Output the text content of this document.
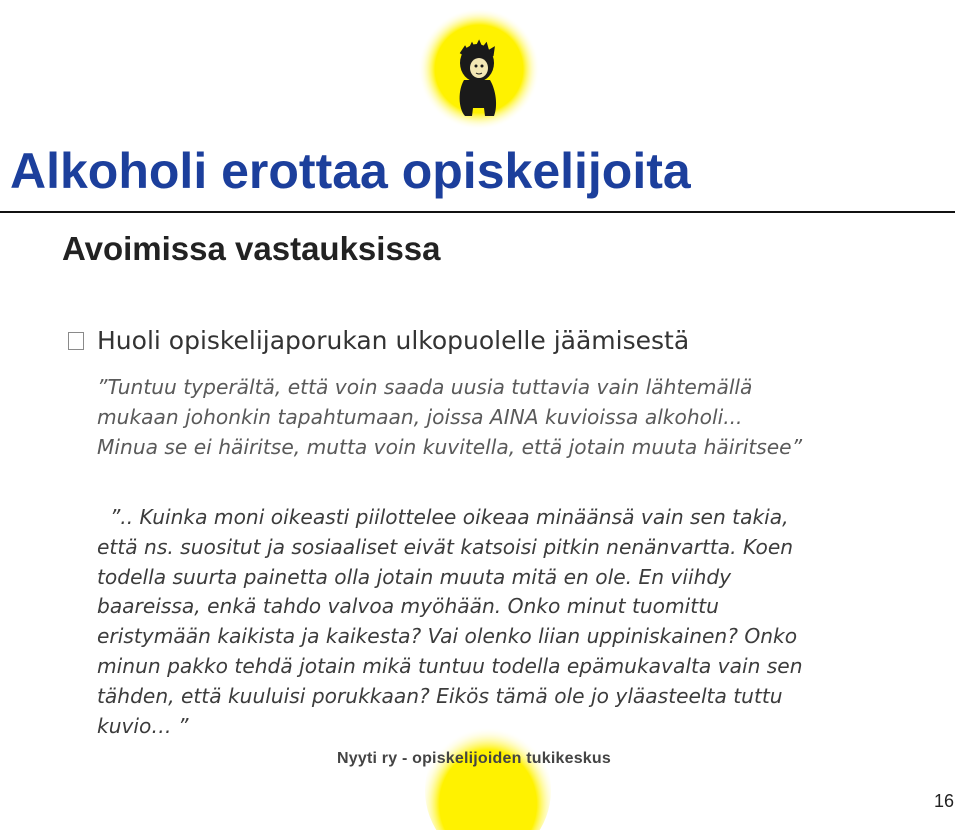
Alkoholi erottaa opiskelijoita
Avoimissa vastauksissa
Huoli opiskelijaporukan ulkopuolelle jäämisestä

”Tuntuu typerältä, että voin saada uusia tuttavia vain lähtemällä
mukaan johonkin tapahtumaan, joissa AINA kuvioissa alkoholi...
Minua se ei häiritse, mutta voin kuvitella, että jotain muuta häiritsee”

”.. Kuinka moni oikeasti piilottelee oikeaa minäänsä vain sen takia,
että ns. suositut ja sosiaaliset eivät katsoisi pitkin nenänvartta. Koen
todella suurta painetta olla jotain muuta mitä en ole. En viihdy
baareissa, enkä tahdo valvoa myöhään. Onko minut tuomittu
eristymään kaikista ja kaikesta? Vai olenko liian uppiniskainen? Onko
minun pakko tehdä jotain mikä tuntuu todella epämukavalta vain sen
tähden, että kuuluisi porukkaan? Eikös tämä ole jo yläasteelta tuttu
kuvio… ”

Nyyti ry - opiskelijoiden tukikeskus
16
